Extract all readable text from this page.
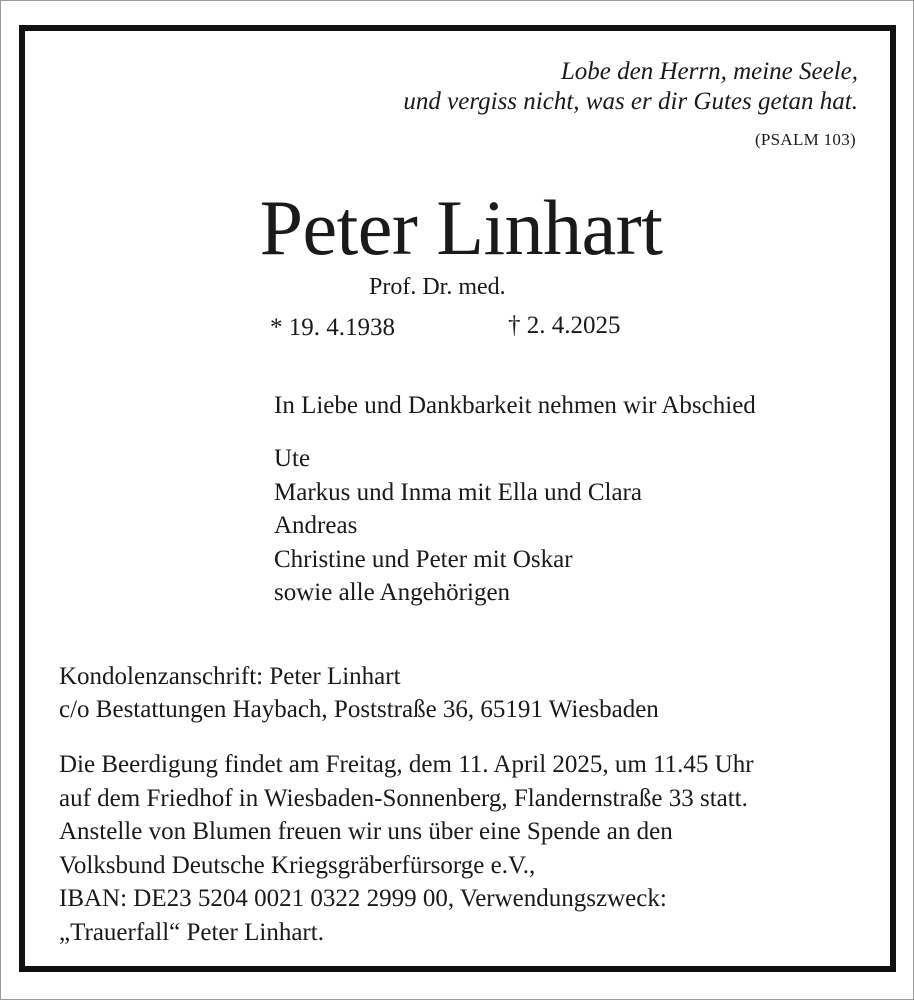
Lobe den Herrn, meine Seele,
und vergiss nicht, was er dir Gutes getan hat.
(PSALM 103)
Peter Linhart
Prof. Dr. med.
* 19. 4.1938	† 2. 4.2025
In Liebe und Dankbarkeit nehmen wir Abschied
Ute
Markus und Inma mit Ella und Clara
Andreas
Christine und Peter mit Oskar
sowie alle Angehörigen
Kondolenzanschrift: Peter Linhart
c/o Bestattungen Haybach, Poststraße 36, 65191 Wiesbaden
Die Beerdigung findet am Freitag, dem 11. April 2025, um 11.45 Uhr
auf dem Friedhof in Wiesbaden-Sonnenberg, Flandernstraße 33 statt.
Anstelle von Blumen freuen wir uns über eine Spende an den
Volksbund Deutsche Kriegsgräberfürsorge e.V.,
IBAN: DE23 5204 0021 0322 2999 00, Verwendungszweck:
„Trauerfall“ Peter Linhart.
